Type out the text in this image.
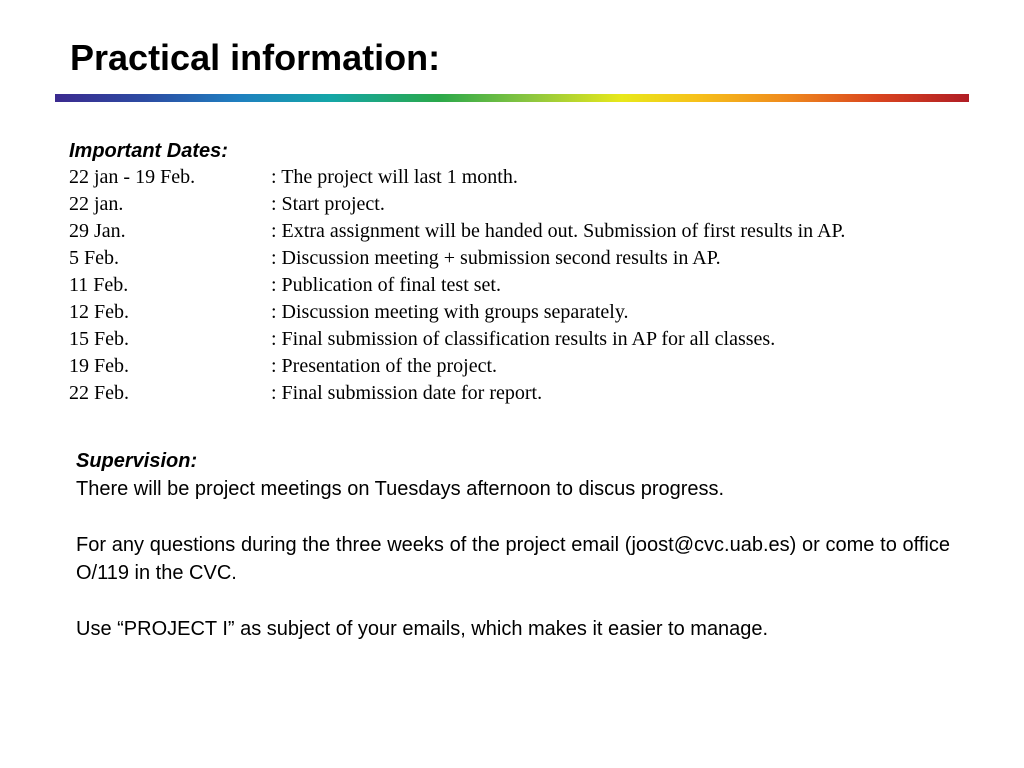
Practical information:
Important Dates:
22 jan - 19 Feb.	: The project will last 1 month.
22 jan.	: Start project.
29 Jan.	: Extra assignment will be handed out. Submission of first results in AP.
5 Feb.	: Discussion meeting + submission second results in AP.
11 Feb.	: Publication of final test set.
12 Feb.	: Discussion meeting with groups separately.
15 Feb.	: Final submission of classification results in AP for all classes.
19 Feb.	: Presentation of the project.
22 Feb.	: Final submission date for report.
Supervision:

There will be project meetings on Tuesdays afternoon to discus progress.

For any questions during the three weeks of the project email (joost@cvc.uab.es) or come to office O/119 in the CVC.

Use “PROJECT I” as subject of your emails, which makes it easier to manage.
